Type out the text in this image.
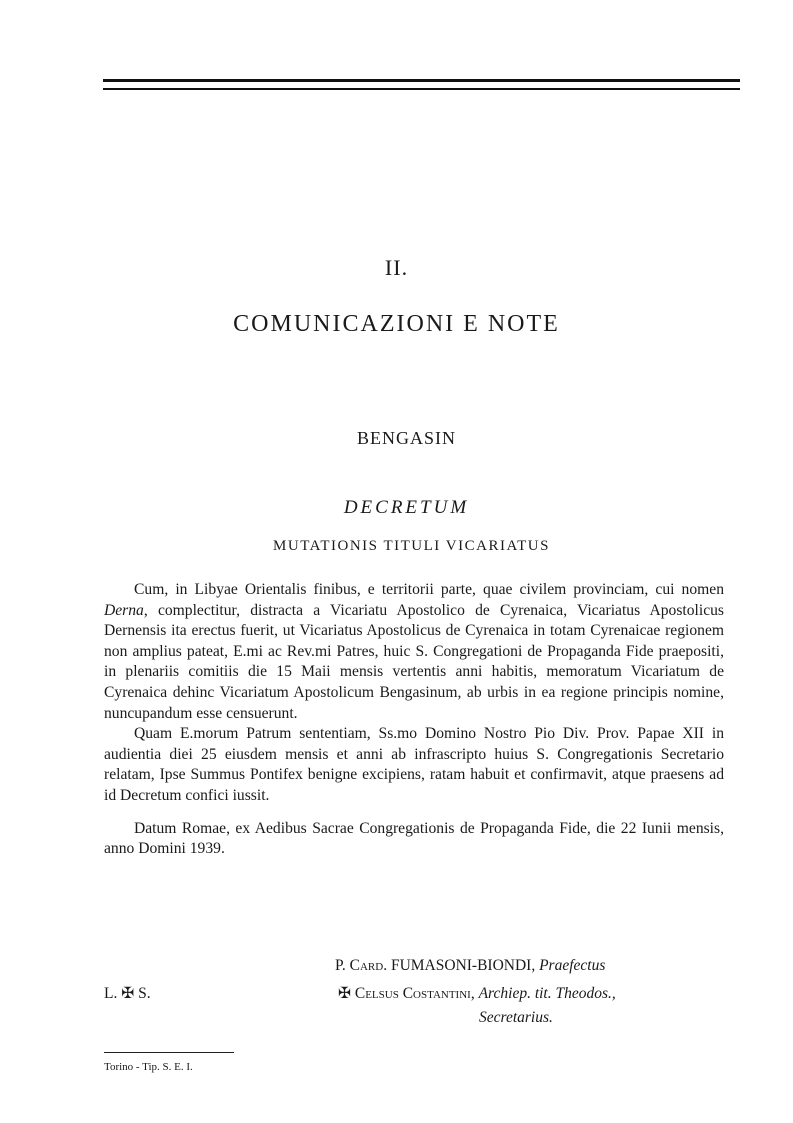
II.
COMUNICAZIONI E NOTE
BENGASIN
DECRETUM
MUTATIONIS TITULI VICARIATUS

Cum, in Libyae Orientalis finibus, e territorii parte, quae civilem provinciam, cui nomen Derna, complectitur, distracta a Vicariatu Apostolico de Cyrenaica, Vicariatus Apostolicus Dernensis ita erectus fuerit, ut Vicariatus Apostolicus de Cyrenaica in totam Cyrenaicae regionem non amplius pateat, E.mi ac Rev.mi Patres, huic S. Congregationi de Propaganda Fide praepositi, in plenariis comitiis die 15 Maii mensis vertentis anni habitis, memoratum Vicariatum de Cyrenaica dehinc Vicariatum Apostolicum Bengasinum, ab urbis in ea regione principis nomine, nuncupandum esse censuerunt.

Quam E.morum Patrum sententiam, Ss.mo Domino Nostro Pio Div. Prov. Papae XII in audientia diei 25 eiusdem mensis et anni ab infrascripto huius S. Congregationis Secretario relatam, Ipse Summus Pontifex benigne excipiens, ratam habuit et confirmavit, atque praesens ad id Decretum confici iussit.

Datum Romae, ex Aedibus Sacrae Congregationis de Propaganda Fide, die 22 Iunii mensis, anno Domini 1939.

P. Card. FUMASONI-BIONDI, Praefectus
L. ✠ S.	✠ Celsus Costantini, Archiep. tit. Theodos.,
Secretarius.
Torino - Tip. S. E. I.
